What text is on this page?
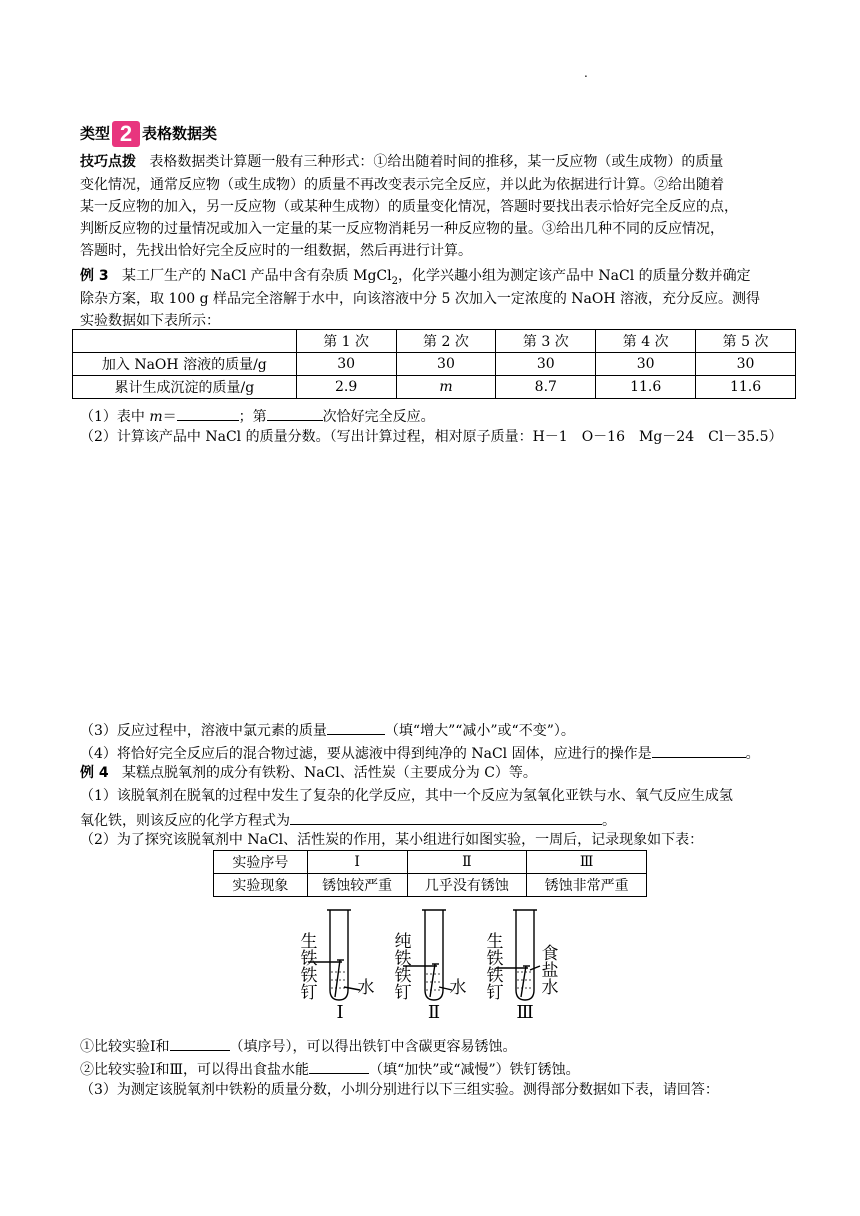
.
类型 2 表格数据类
技巧点拨 表格数据类计算题一般有三种形式：①给出随着时间的推移，某一反应物（或生成物）的质量
变化情况，通常反应物（或生成物）的质量不再改变表示完全反应，并以此为依据进行计算。②给出随着
某一反应物的加入，另一反应物（或某种生成物）的质量变化情况，答题时要找出表示恰好完全反应的点，
判断反应物的过量情况或加入一定量的某一反应物消耗另一种反应物的量。③给出几种不同的反应情况，
答题时，先找出恰好完全反应时的一组数据，然后再进行计算。
例 3 某工厂生产的 NaCl 产品中含有杂质 MgCl$_2$，化学兴趣小组为测定该产品中 NaCl 的质量分数并确定
除杂方案，取 100 g 样品完全溶解于水中，向该溶液中分 5 次加入一定浓度的 NaOH 溶液，充分反应。测得
实验数据如下表所示：
	第 1 次	第 2 次	第 3 次	第 4 次	第 5 次
加入 NaOH 溶液的质量/g	30	30	30	30	30
累计生成沉淀的质量/g	2.9	m	8.7	11.6	11.6
（1）表中 m＝	；第	次恰好完全反应。
（2）计算该产品中 NaCl 的质量分数。（写出计算过程，相对原子质量：H－1　O－16　Mg－24　Cl－35.5）
（3）反应过程中，溶液中氯元素的质量	（填“增大”“减小”或“不变”）。
（4）将恰好完全反应后的混合物过滤，要从滤液中得到纯净的 NaCl 固体，应进行的操作是	。
例 4 某糕点脱氧剂的成分有铁粉、NaCl、活性炭（主要成分为 C）等。
（1）该脱氧剂在脱氧的过程中发生了复杂的化学反应，其中一个反应为氢氧化亚铁与水、氧气反应生成氢
氧化铁，则该反应的化学方程式为	。
（2）为了探究该脱氧剂中 NaCl、活性炭的作用，某小组进行如图实验，一周后，记录现象如下表：
实验序号	Ⅰ	Ⅱ	Ⅲ
实验现象	锈蚀较严重	几乎没有锈蚀	锈蚀非常严重
生
铁
铁
钉 水
Ⅰ
纯
铁
铁
钉 水
Ⅱ
生
铁
铁
钉
食
盐
水
Ⅲ
①比较实验Ⅰ和	（填序号），可以得出铁钉中含碳更容易锈蚀。
②比较实验Ⅰ和Ⅲ，可以得出食盐水能	（填“加快”或“减慢”）铁钉锈蚀。
（3）为测定该脱氧剂中铁粉的质量分数，小圳分别进行以下三组实验。测得部分数据如下表，请回答：
